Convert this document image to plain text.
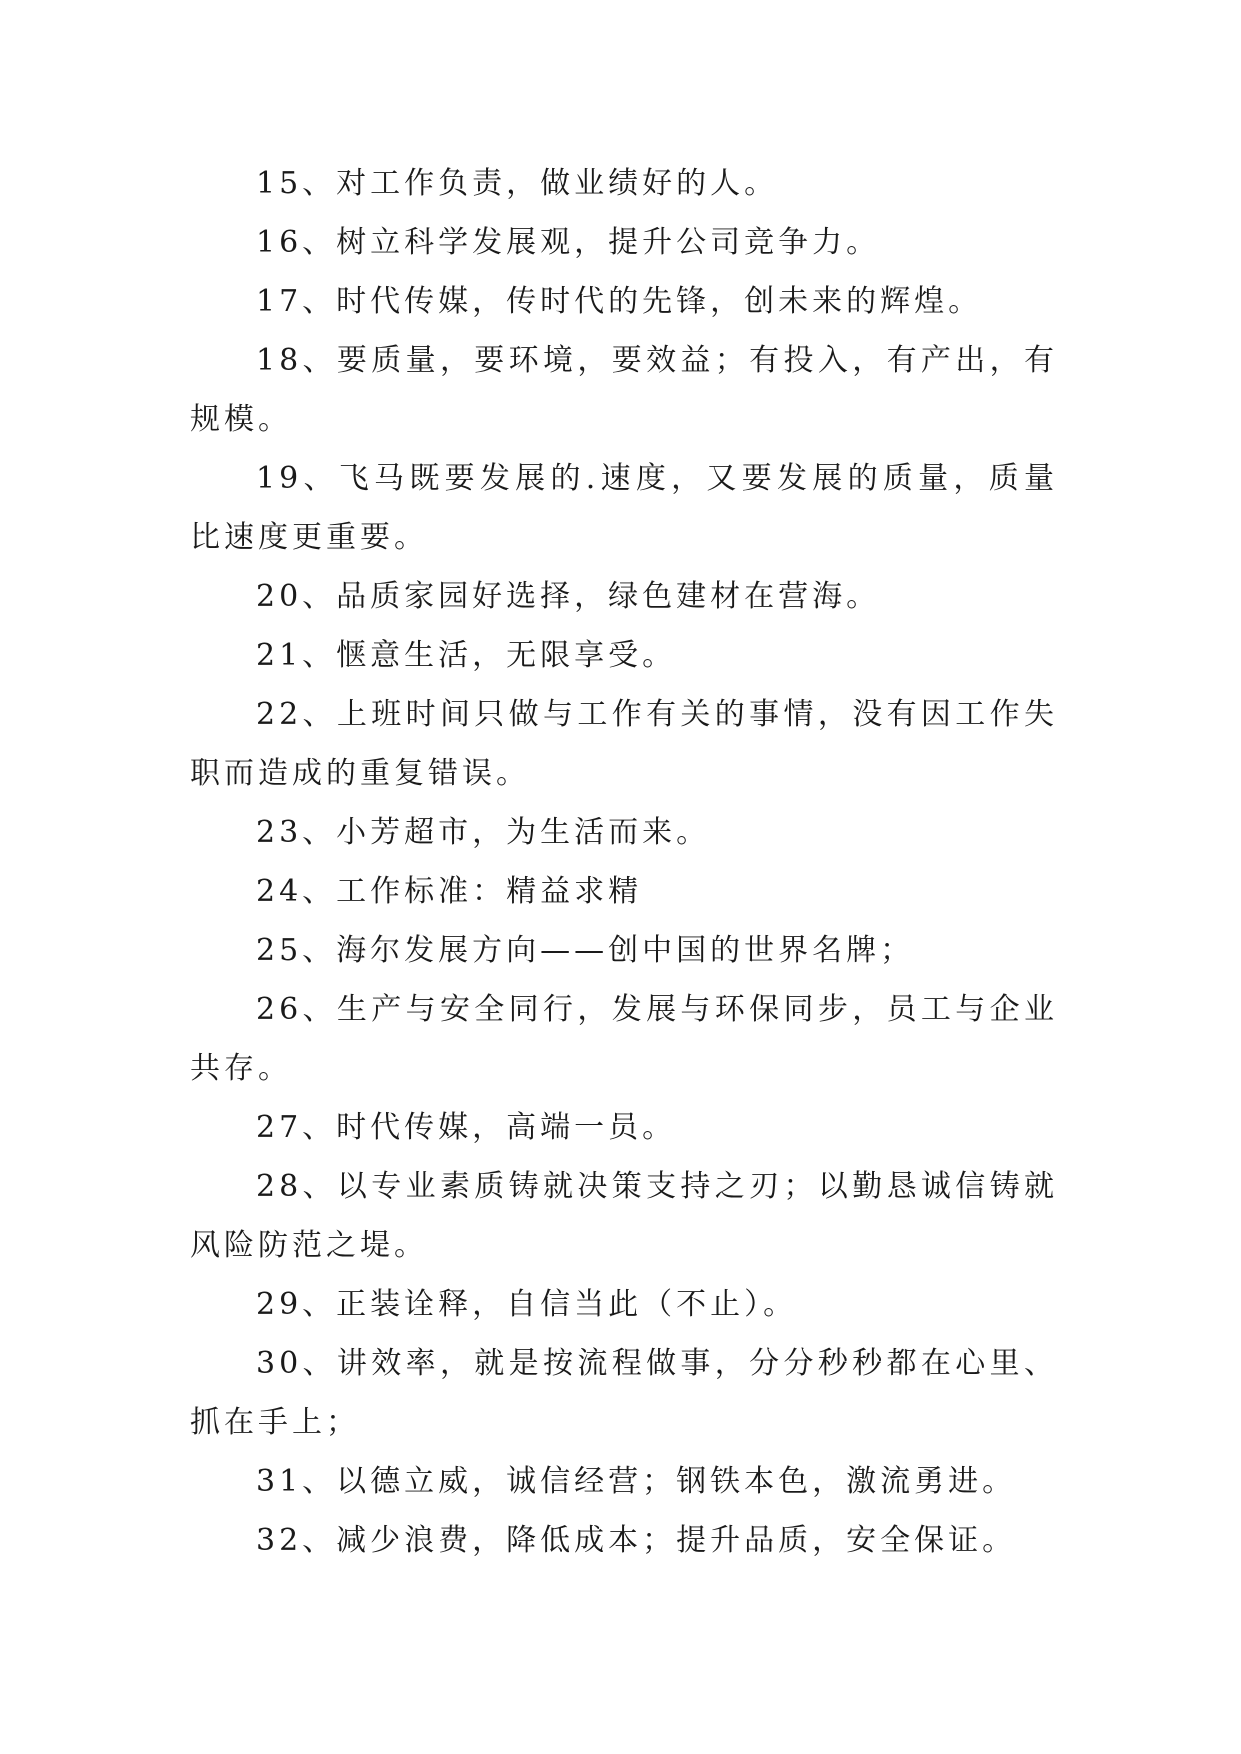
15、对工作负责，做业绩好的人。

16、树立科学发展观，提升公司竞争力。

17、时代传媒，传时代的先锋，创未来的辉煌。

18、要质量，要环境，要效益；有投入，有产出，有规模。

19、飞马既要发展的.速度，又要发展的质量，质量比速度更重要。

20、品质家园好选择，绿色建材在营海。

21、惬意生活，无限享受。

22、上班时间只做与工作有关的事情，没有因工作失职而造成的重复错误。

23、小芳超市，为生活而来。

24、工作标准：精益求精

25、海尔发展方向——创中国的世界名牌；

26、生产与安全同行，发展与环保同步，员工与企业共存。

27、时代传媒，高端一员。

28、以专业素质铸就决策支持之刃；以勤恳诚信铸就风险防范之堤。

29、正装诠释，自信当此（不止）。

30、讲效率，就是按流程做事，分分秒秒都在心里、抓在手上；

31、以德立威，诚信经营；钢铁本色，激流勇进。

32、减少浪费，降低成本；提升品质，安全保证。
